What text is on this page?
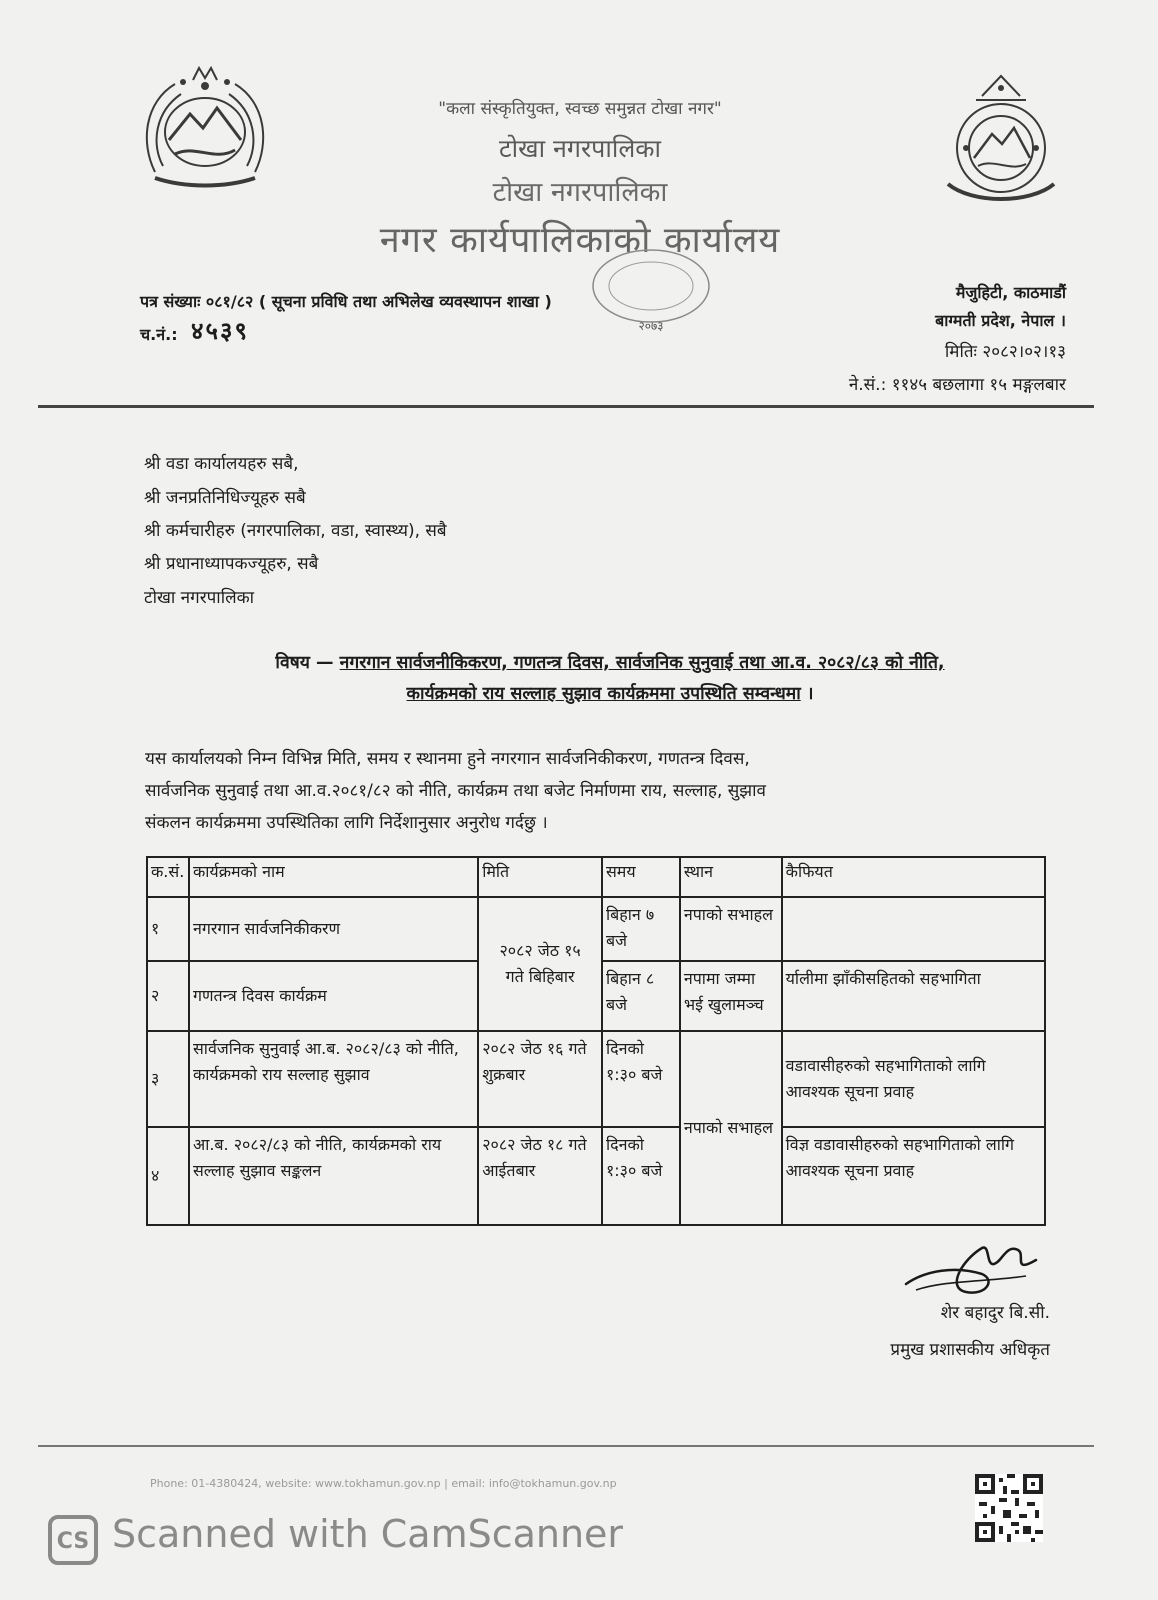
"कला संस्कृतियुक्त, स्वच्छ समुन्नत टोखा नगर"
टोखा नगरपालिका
टोखा नगरपालिका
नगर कार्यपालिकाको कार्यालय
२०७३
पत्र संख्याः ०८१/८२ ( सूचना प्रविधि तथा अभिलेख व्यवस्थापन शाखा )
च.नं.: ४५३९
मैजुहिटी, काठमाडौं
बाग्मती प्रदेश, नेपाल ।
मितिः २०८२।०२।१३
ने.सं.: ११४५ बछलागा १५ मङ्गलबार
श्री वडा कार्यालयहरु सबै,
श्री जनप्रतिनिधिज्यूहरु सबै
श्री कर्मचारीहरु (नगरपालिका, वडा, स्वास्थ्य), सबै
श्री प्रधानाध्यापकज्यूहरु, सबै
टोखा नगरपालिका
विषय — नगरगान सार्वजनीकिकरण, गणतन्त्र दिवस, सार्वजनिक सुनुवाई तथा आ.व. २०८२/८३ को नीति,
कार्यक्रमको राय सल्लाह सुझाव कार्यक्रममा उपस्थिति सम्वन्धमा ।
यस कार्यालयको निम्न विभिन्न मिति, समय र स्थानमा हुने नगरगान सार्वजनिकीकरण, गणतन्त्र दिवस,
सार्वजनिक सुनुवाई तथा आ.व.२०८१/८२ को नीति, कार्यक्रम तथा बजेट निर्माणमा राय, सल्लाह, सुझाव
संकलन कार्यक्रममा उपस्थितिका लागि निर्देशानुसार अनुरोध गर्दछु ।
क.सं.	कार्यक्रमको नाम	मिति	समय	स्थान	कैफियत
१	नगरगान सार्वजनिकीकरण	२०८२ जेठ १५ गते बिहिबार	बिहान ७ बजे	नपाको सभाहल	
२	गणतन्त्र दिवस कार्यक्रम		बिहान ८ बजे	नपामा जम्मा भई खुलामञ्च	र्यालीमा झाँकीसहितको सहभागिता
३	सार्वजनिक सुनुवाई आ.ब. २०८२/८३ को नीति, कार्यक्रमको राय सल्लाह सुझाव	२०८२ जेठ १६ गते शुक्रबार	दिनको १:३० बजे	नपाको सभाहल	वडावासीहरुको सहभागिताको लागि आवश्यक सूचना प्रवाह
४	आ.ब. २०८२/८३ को नीति, कार्यक्रमको राय सल्लाह सुझाव सङ्कलन	२०८२ जेठ १८ गते आईतबार	दिनको १:३० बजे		विज्ञ वडावासीहरुको सहभागिताको लागि आवश्यक सूचना प्रवाह
शेर बहादुर बि.सी.
प्रमुख प्रशासकीय अधिकृत
Phone: 01-4380424, website: www.tokhamun.gov.np | email: info@tokhamun.gov.np
CS Scanned with CamScanner
